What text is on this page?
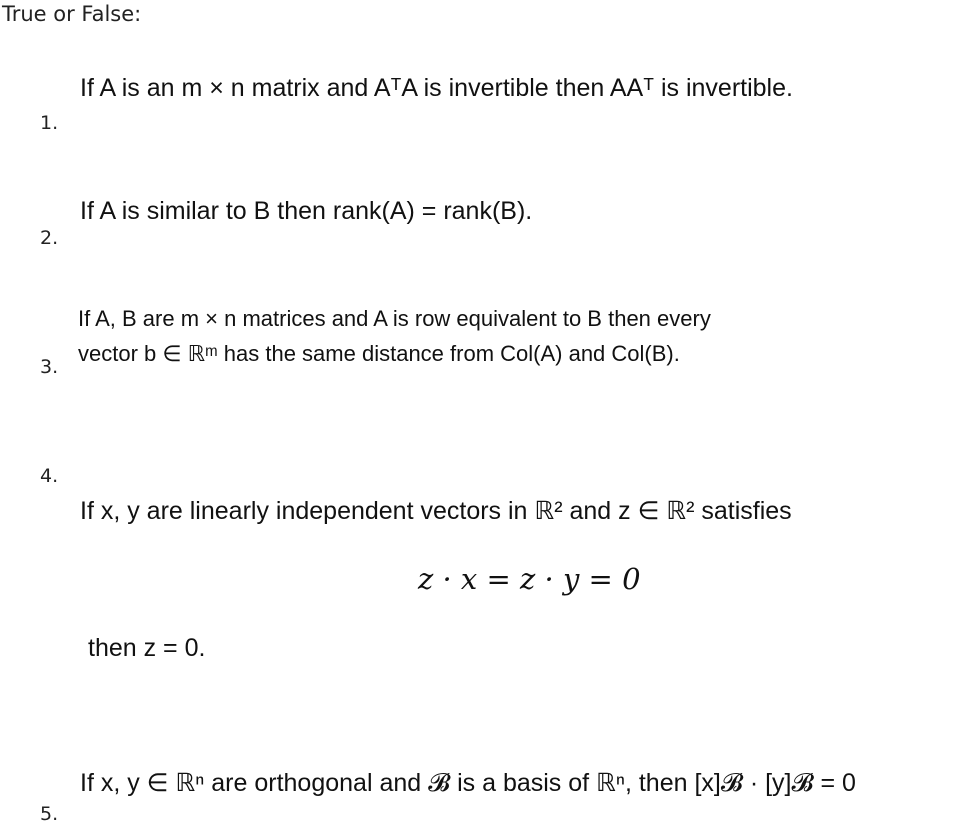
True or False:
1.
If A is an m × n matrix and AᵀA is invertible then AAᵀ is invertible.
2.
If A is similar to B then rank(A) = rank(B).
3.
If A, B are m × n matrices and A is row equivalent to B then every
vector b ∈ ℝᵐ has the same distance from Col(A) and Col(B).
4.
If x, y are linearly independent vectors in ℝ² and z ∈ ℝ² satisfies
z · x = z · y = 0
then z = 0.
5.
If x, y ∈ ℝⁿ are orthogonal and 𝓑 is a basis of ℝⁿ, then [x]𝓑 · [y]𝓑 = 0
